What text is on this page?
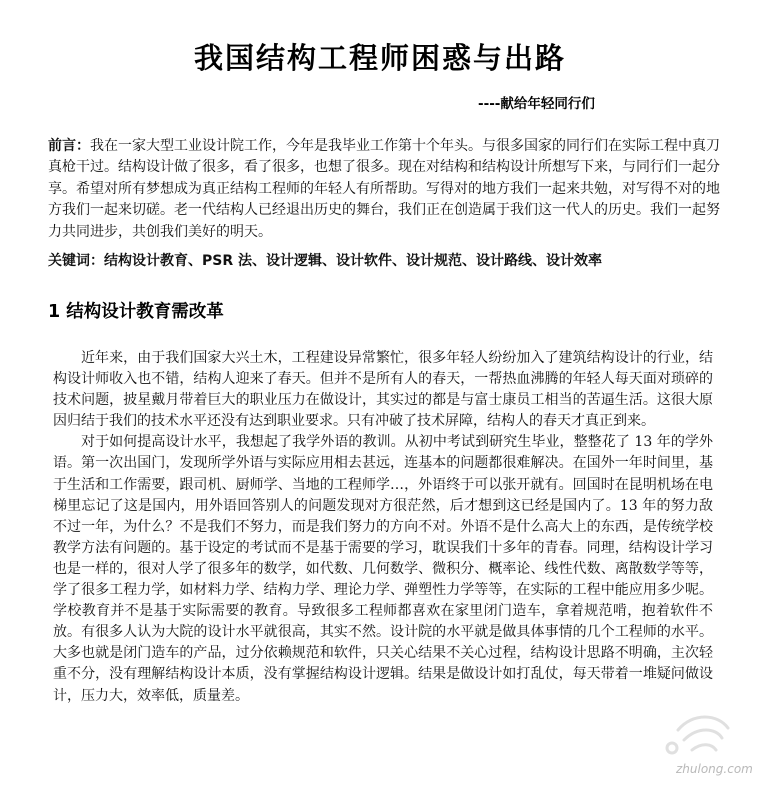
我国结构工程师困惑与出路
----献给年轻同行们
前言：我在一家大型工业设计院工作，今年是我毕业工作第十个年头。与很多国家的同行们在实际工程中真刀真枪干过。结构设计做了很多，看了很多，也想了很多。现在对结构和结构设计所想写下来，与同行们一起分享。希望对所有梦想成为真正结构工程师的年轻人有所帮助。写得对的地方我们一起来共勉，对写得不对的地方我们一起来切磋。老一代结构人已经退出历史的舞台，我们正在创造属于我们这一代人的历史。我们一起努力共同进步，共创我们美好的明天。
关键词：结构设计教育、PSR 法、设计逻辑、设计软件、设计规范、设计路线、设计效率
1 结构设计教育需改革

近年来，由于我们国家大兴土木，工程建设异常繁忙，很多年轻人纷纷加入了建筑结构设计的行业，结构设计师收入也不错，结构人迎来了春天。但并不是所有人的春天，一帮热血沸腾的年轻人每天面对琐碎的技术问题，披星戴月带着巨大的职业压力在做设计，其实过的都是与富士康员工相当的苦逼生活。这很大原因归结于我们的技术水平还没有达到职业要求。只有冲破了技术屏障，结构人的春天才真正到来。

对于如何提高设计水平，我想起了我学外语的教训。从初中考试到研究生毕业，整整花了 13 年的学外语。第一次出国门，发现所学外语与实际应用相去甚远，连基本的问题都很难解决。在国外一年时间里，基于生活和工作需要，跟司机、厨师学、当地的工程师学…，外语终于可以张开就有。回国时在昆明机场在电梯里忘记了这是国内，用外语回答别人的问题发现对方很茫然，后才想到这已经是国内了。13 年的努力敌不过一年，为什么？不是我们不努力，而是我们努力的方向不对。外语不是什么高大上的东西，是传统学校教学方法有问题的。基于设定的考试而不是基于需要的学习，耽误我们十多年的青春。同理，结构设计学习也是一样的，很对人学了很多年的数学，如代数、几何数学、微积分、概率论、线性代数、离散数学等等，学了很多工程力学，如材料力学、结构力学、理论力学、弹塑性力学等等，在实际的工程中能应用多少呢。学校教育并不是基于实际需要的教育。导致很多工程师都喜欢在家里闭门造车，拿着规范啃，抱着软件不放。有很多人认为大院的设计水平就很高，其实不然。设计院的水平就是做具体事情的几个工程师的水平。大多也就是闭门造车的产品，过分依赖规范和软件，只关心结果不关心过程，结构设计思路不明确，主次轻重不分，没有理解结构设计本质，没有掌握结构设计逻辑。结果是做设计如打乱仗，每天带着一堆疑问做设计，压力大，效率低，质量差。

zhulong.com
